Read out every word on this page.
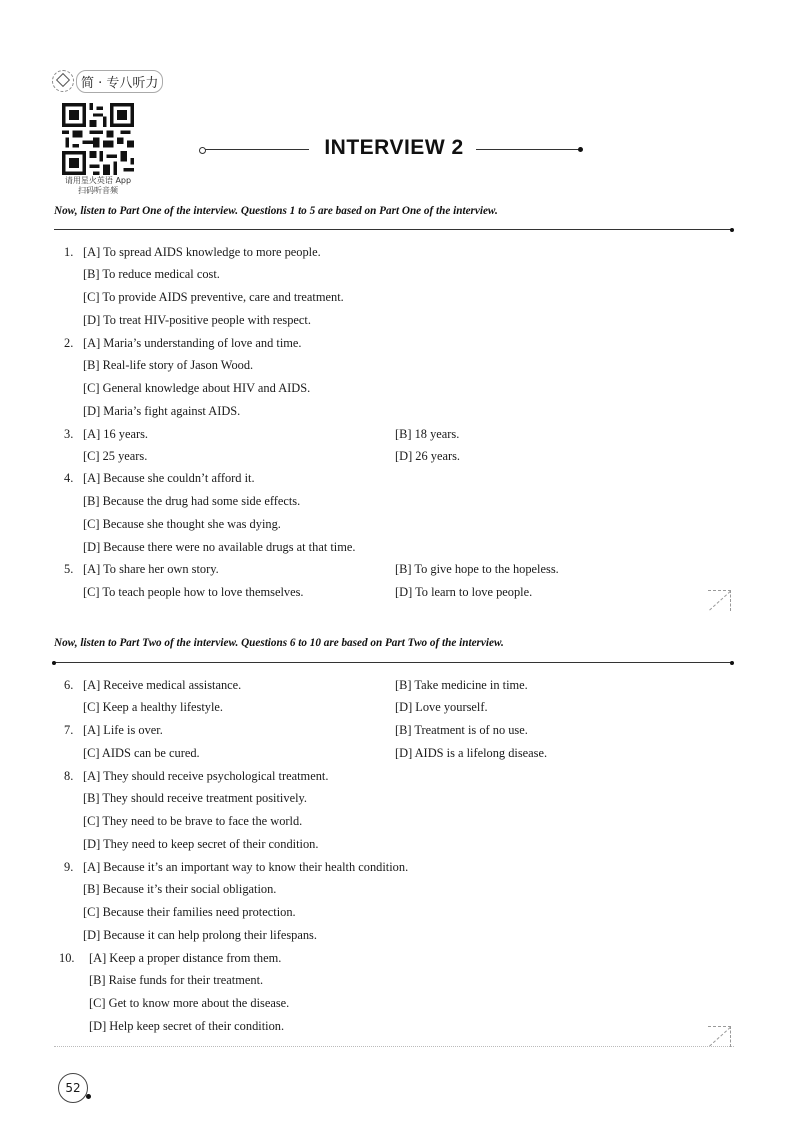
简 · 专八听力
请用星火英语 App
扫码听音频
INTERVIEW 2
Now, listen to Part One of the interview. Questions 1 to 5 are based on Part One of the interview.
1. [A] To spread AIDS knowledge to more people.
[B] To reduce medical cost.
[C] To provide AIDS preventive, care and treatment.
[D] To treat HIV-positive people with respect.
2. [A] Maria’s understanding of love and time.
[B] Real-life story of Jason Wood.
[C] General knowledge about HIV and AIDS.
[D] Maria’s fight against AIDS.
3. [A] 16 years.	[B] 18 years.
[C] 25 years.	[D] 26 years.
4. [A] Because she couldn’t afford it.
[B] Because the drug had some side effects.
[C] Because she thought she was dying.
[D] Because there were no available drugs at that time.
5. [A] To share her own story.	[B] To give hope to the hopeless.
[C] To teach people how to love themselves.	[D] To learn to love people.
Now, listen to Part Two of the interview. Questions 6 to 10 are based on Part Two of the interview.
6. [A] Receive medical assistance.	[B] Take medicine in time.
[C] Keep a healthy lifestyle.	[D] Love yourself.
7. [A] Life is over.	[B] Treatment is of no use.
[C] AIDS can be cured.	[D] AIDS is a lifelong disease.
8. [A] They should receive psychological treatment.
[B] They should receive treatment positively.
[C] They need to be brave to face the world.
[D] They need to keep secret of their condition.
9. [A] Because it’s an important way to know their health condition.
[B] Because it’s their social obligation.
[C] Because their families need protection.
[D] Because it can help prolong their lifespans.
10. [A] Keep a proper distance from them.
[B] Raise funds for their treatment.
[C] Get to know more about the disease.
[D] Help keep secret of their condition.
52
